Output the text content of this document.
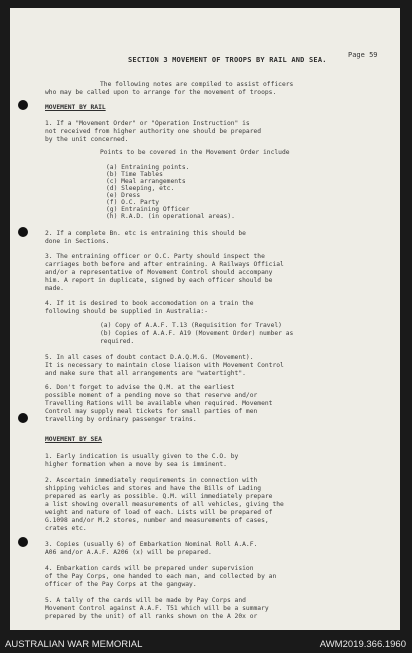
Page 59
SECTION 3 MOVEMENT OF TROOPS BY RAIL AND SEA.
The following notes are compiled to assist officers
who may be called upon to arrange for the movement of troops.
MOVEMENT BY RAIL
1. If a "Movement Order" or "Operation Instruction" is
not received from higher authority one should be prepared
by the unit concerned.
Points to be covered in the Movement Order include
(a) Entraining points.
(b) Time Tables
(c) Meal arrangements
(d) Sleeping, etc.
(e) Dress
(f) O.C. Party
(g) Entraining Officer
(h) R.A.D. (in operational areas).
2. If a complete Bn. etc is entraining this should be
done in Sections.
3. The entraining officer or O.C. Party should inspect the
carriages both before and after entraining. A Railways Official
and/or a representative of Movement Control should accompany
him. A report in duplicate, signed by each officer should be
made.
4. If it is desired to book accomodation on a train the
following should be supplied in Australia:-
(a) Copy of A.A.F. T.13 (Requisition for Travel)
(b) Copies of A.A.F. A19 (Movement Order) number as
required.
5. In all cases of doubt contact D.A.Q.M.G. (Movement).
It is necessary to maintain close liaison with Movement Control
and make sure that all arrangements are "watertight".
6. Don't forget to advise the Q.M. at the earliest
possible moment of a pending move so that reserve and/or
Travelling Rations will be available when required. Movement
Control may supply meal tickets for small parties of men
travelling by ordinary passenger trains.
MOVEMENT BY SEA
1. Early indication is usually given to the C.O. by
higher formation when a move by sea is imminent.
2. Ascertain immediately requirements in connection with
shipping vehicles and stores and have the Bills of Lading
prepared as early as possible. Q.M. will immediately prepare
a list showing overall measurements of all vehicles, giving the
weight and nature of load of each. Lists will be prepared of
G.1098 and/or M.2 stores, number and measurements of cases,
crates etc.
3. Copies (usually 6) of Embarkation Nominal Roll A.A.F.
A06 and/or A.A.F. A206 (x) will be prepared.
4. Embarkation cards will be prepared under supervision
of the Pay Corps, one handed to each man, and collected by an
officer of the Pay Corps at the gangway.
5. A tally of the cards will be made by Pay Corps and
Movement Control against A.A.F. T51 which will be a summary
prepared by the unit) of all ranks shown on the A 20x or
AUSTRALIAN WAR MEMORIAL	AWM2019.366.1960
